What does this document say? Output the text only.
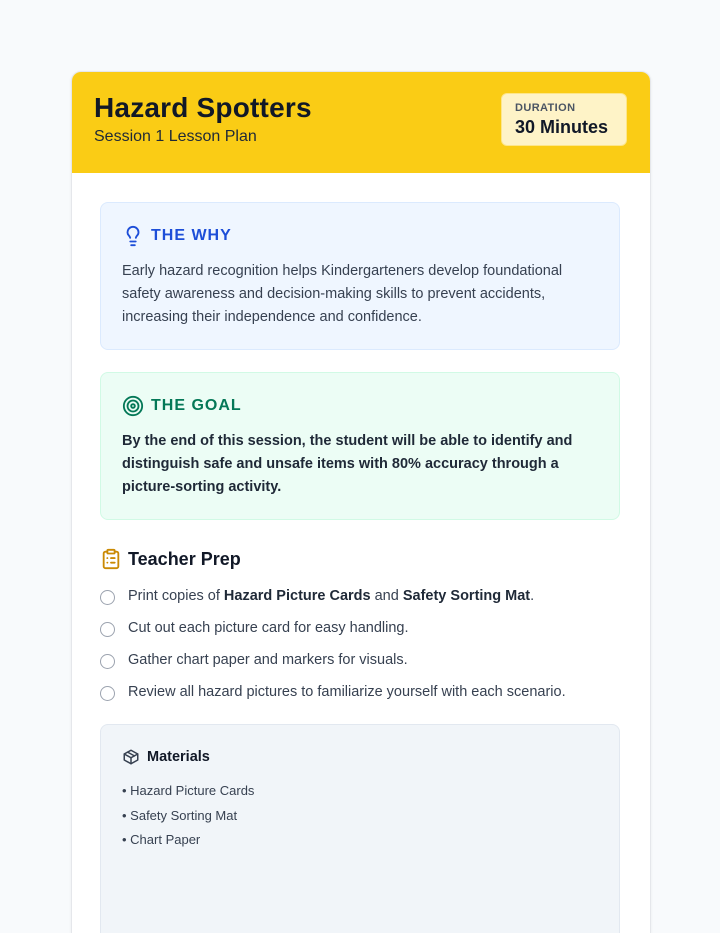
Hazard Spotters
Session 1 Lesson Plan
DURATION
30 Minutes
THE WHY
Early hazard recognition helps Kindergarteners develop foundational safety awareness and decision-making skills to prevent accidents, increasing their independence and confidence.
THE GOAL
By the end of this session, the student will be able to identify and distinguish safe and unsafe items with 80% accuracy through a picture-sorting activity.
Teacher Prep
Print copies of Hazard Picture Cards and Safety Sorting Mat.
Cut out each picture card for easy handling.
Gather chart paper and markers for visuals.
Review all hazard pictures to familiarize yourself with each scenario.
Materials
• Hazard Picture Cards
• Safety Sorting Mat
• Chart Paper
